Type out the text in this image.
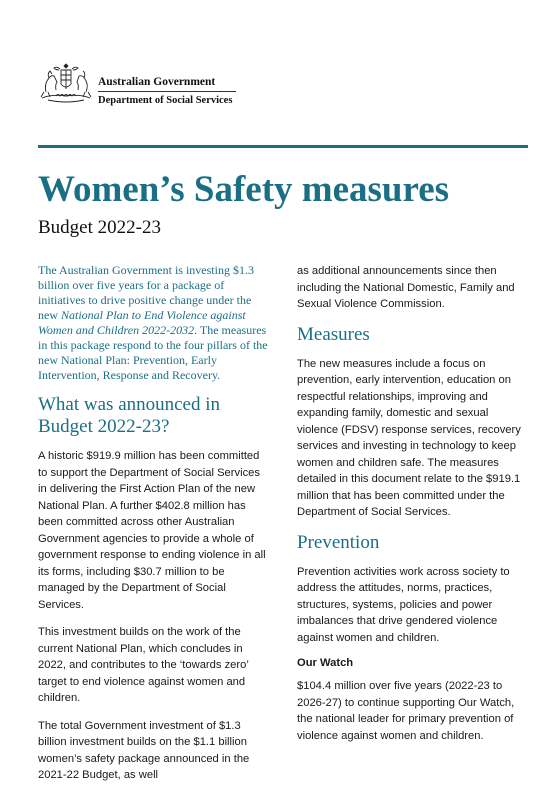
Australian Government
Department of Social Services
Women’s Safety measures
Budget 2022-23

The Australian Government is investing $1.3 billion over five years for a package of initiatives to drive positive change under the new National Plan to End Violence against Women and Children 2022-2032. The measures in this package respond to the four pillars of the new National Plan: Prevention, Early Intervention, Response and Recovery.

What was announced in Budget 2022-23?

A historic $919.9 million has been committed to support the Department of Social Services in delivering the First Action Plan of the new National Plan. A further $402.8 million has been committed across other Australian Government agencies to provide a whole of government response to ending violence in all its forms, including $30.7 million to be managed by the Department of Social Services.

This investment builds on the work of the current National Plan, which concludes in 2022, and contributes to the ‘towards zero’ target to end violence against women and children.

The total Government investment of $1.3 billion investment builds on the $1.1 billion women’s safety package announced in the 2021-22 Budget, as well

as additional announcements since then including the National Domestic, Family and Sexual Violence Commission.

Measures

The new measures include a focus on prevention, early intervention, education on respectful relationships, improving and expanding family, domestic and sexual violence (FDSV) response services, recovery services and investing in technology to keep women and children safe. The measures detailed in this document relate to the $919.1 million that has been committed under the Department of Social Services.

Prevention

Prevention activities work across society to address the attitudes, norms, practices, structures, systems, policies and power imbalances that drive gendered violence against women and children.

Our Watch

$104.4 million over five years (2022-23 to 2026-27) to continue supporting Our Watch, the national leader for primary prevention of violence against women and children.
